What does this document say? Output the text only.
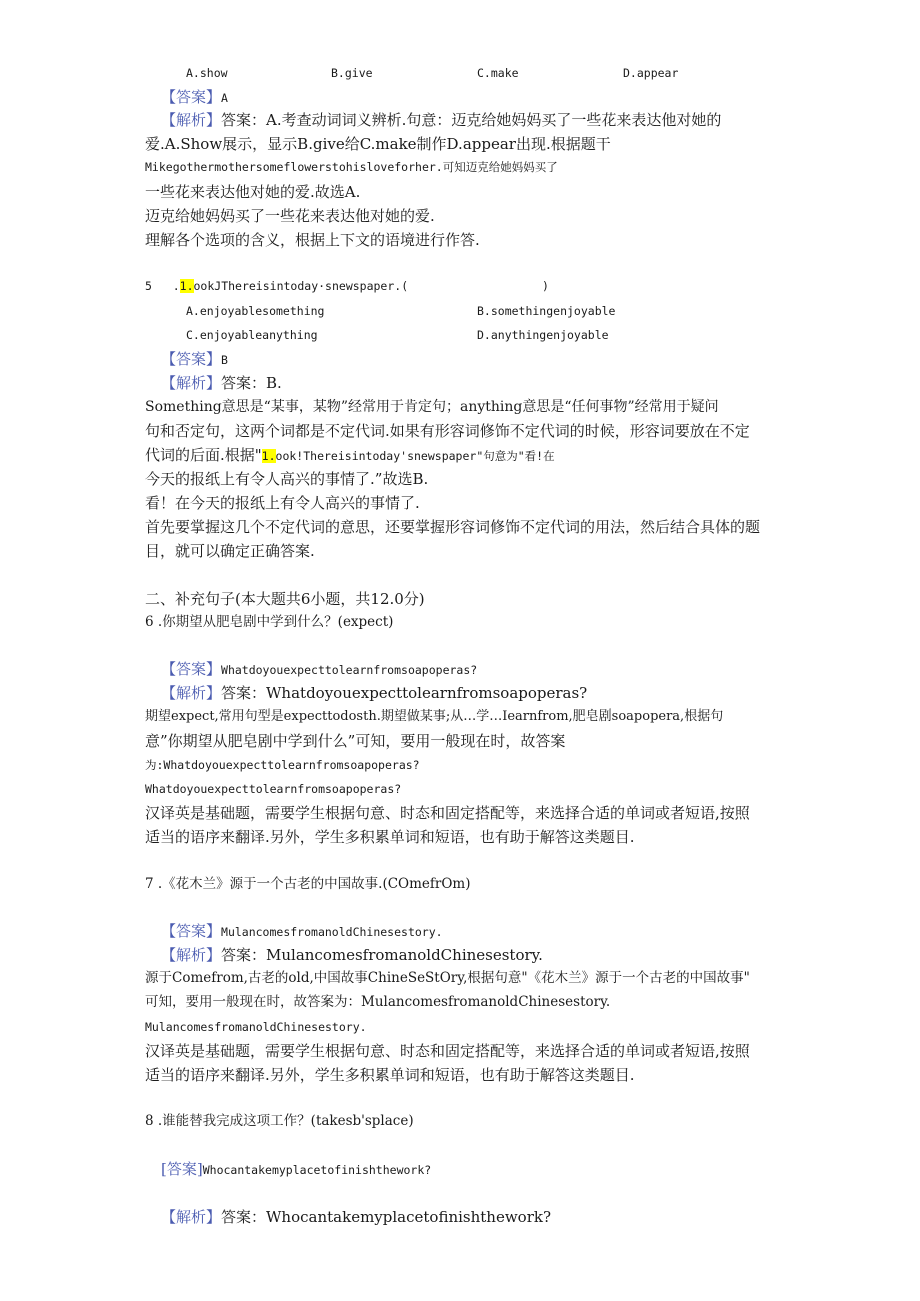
A.show	B.give	C.make	D.appear
【答案】A
【解析】答案：A.考查动词词义辨析.句意：迈克给她妈妈买了一些花来表达他对她的
爱.A.Show展示，显示B.give给C.make制作D.appear出现.根据题干
Mikegothermothersomeflowerstohisloveforher.可知迈克给她妈妈买了
一些花来表达他对她的爱.故选A.
迈克给她妈妈买了一些花来表达他对她的爱.
理解各个选项的含义，根据上下文的语境进行作答.
5   .1.ookJThereisintoday·snewspaper.(	)
A.enjoyablesomething	B.somethingenjoyable
C.enjoyableanything	D.anythingenjoyable
【答案】B
【解析】答案：B.
Something意思是“某事，某物”经常用于肯定句；anything意思是“任何事物”经常用于疑问
句和否定句，这两个词都是不定代词.如果有形容词修饰不定代词的时候，形容词要放在不定
代词的后面.根据"1.ook!Thereisintoday'snewspaper"句意为"看!在
今天的报纸上有令人高兴的事情了.”故选B.
看！在今天的报纸上有令人高兴的事情了.
首先要掌握这几个不定代词的意思，还要掌握形容词修饰不定代词的用法，然后结合具体的题
目，就可以确定正确答案.
二、补充句子(本大题共6小题，共12.0分)
6 .你期望从肥皂剧中学到什么？(expect)
【答案】Whatdoyouexpecttolearnfromsoapoperas?
【解析】答案：Whatdoyouexpecttolearnfromsoapoperas?
期望expect,常用句型是expecttodosth.期望做某事;从…学…Iearnfrom,肥皂剧soapopera,根据句
意”你期望从肥皂剧中学到什么”可知，要用一般现在时，故答案
为:Whatdoyouexpecttolearnfromsoapoperas?
Whatdoyouexpecttolearnfromsoapoperas?
汉译英是基础题，需要学生根据句意、时态和固定搭配等，来选择合适的单词或者短语,按照
适当的语序来翻译.另外，学生多积累单词和短语，也有助于解答这类题目.
7 .《花木兰》源于一个古老的中国故事.(COmefrOm)
【答案】MulancomesfromanoldChinesestory.
【解析】答案：MulancomesfromanoldChinesestory.
源于Comefrom,古老的old,中国故事ChineSeStOry,根据句意"《花木兰》源于一个古老的中国故事"
可知，要用一般现在时，故答案为：MulancomesfromanoldChinesestory.
MulancomesfromanoldChinesestory.
汉译英是基础题，需要学生根据句意、时态和固定搭配等，来选择合适的单词或者短语,按照
适当的语序来翻译.另外，学生多积累单词和短语，也有助于解答这类题目.
8 .谁能替我完成这项工作？(takesb'splace)
[答案]Whocantakemyplacetofinishthework?
【解析】答案：Whocantakemyplacetofinishthework?
